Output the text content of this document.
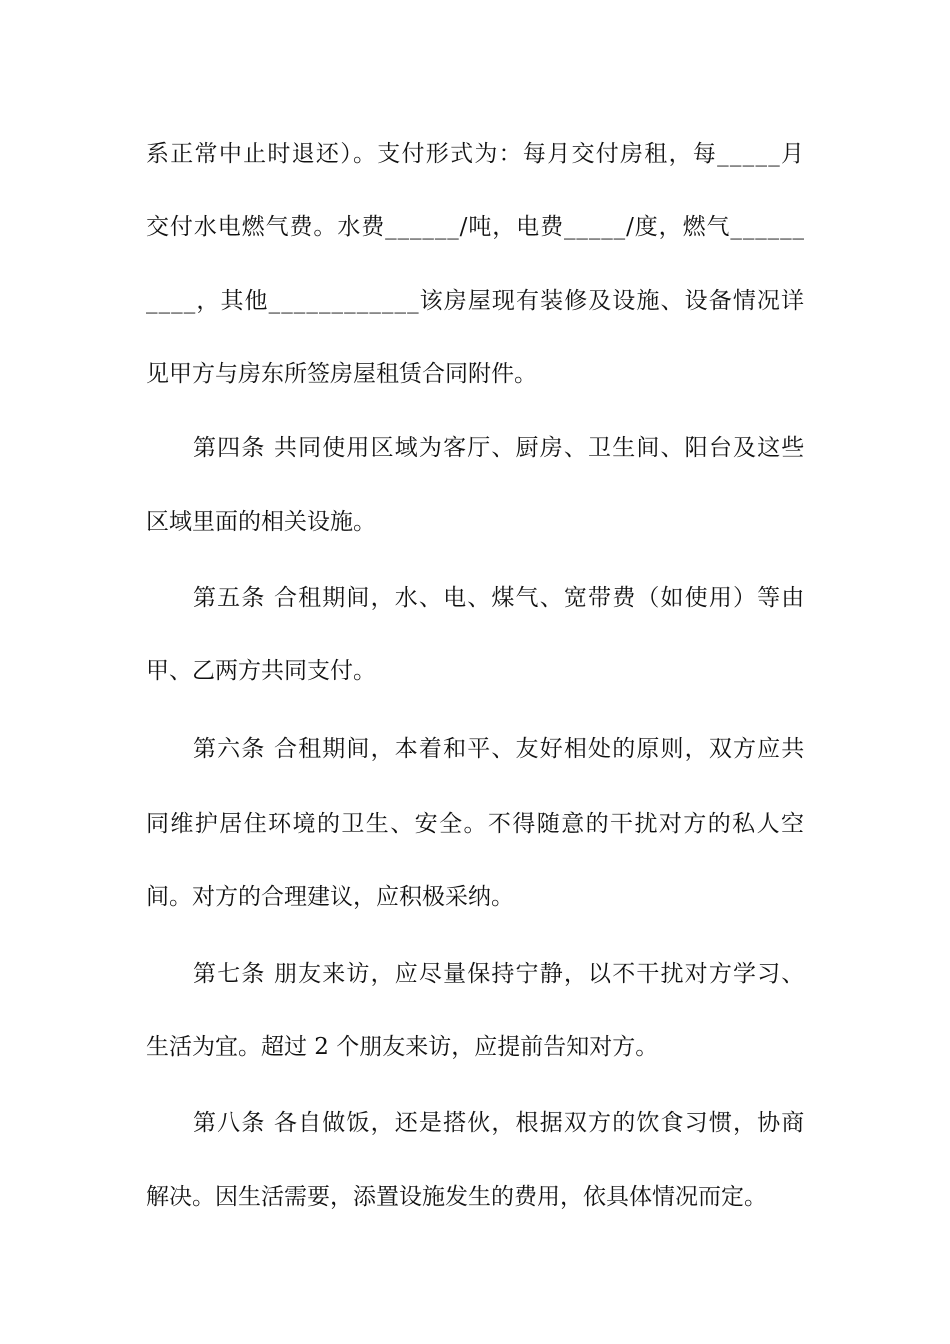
系正常中止时退还）。支付形式为：每月交付房租，每_____月
交付水电燃气费。水费______/吨，电费_____/度，燃气______
____，其他____________该房屋现有装修及设施、设备情况详
见甲方与房东所签房屋租赁合同附件。
第四条 共同使用区域为客厅、厨房、卫生间、阳台及这些
区域里面的相关设施。
第五条 合租期间，水、电、煤气、宽带费（如使用）等由
甲、乙两方共同支付。
第六条 合租期间，本着和平、友好相处的原则，双方应共
同维护居住环境的卫生、安全。不得随意的干扰对方的私人空
间。对方的合理建议，应积极采纳。
第七条 朋友来访，应尽量保持宁静，以不干扰对方学习、
生活为宜。超过 2 个朋友来访，应提前告知对方。
第八条 各自做饭，还是搭伙，根据双方的饮食习惯，协商
解决。因生活需要，添置设施发生的费用，依具体情况而定。
